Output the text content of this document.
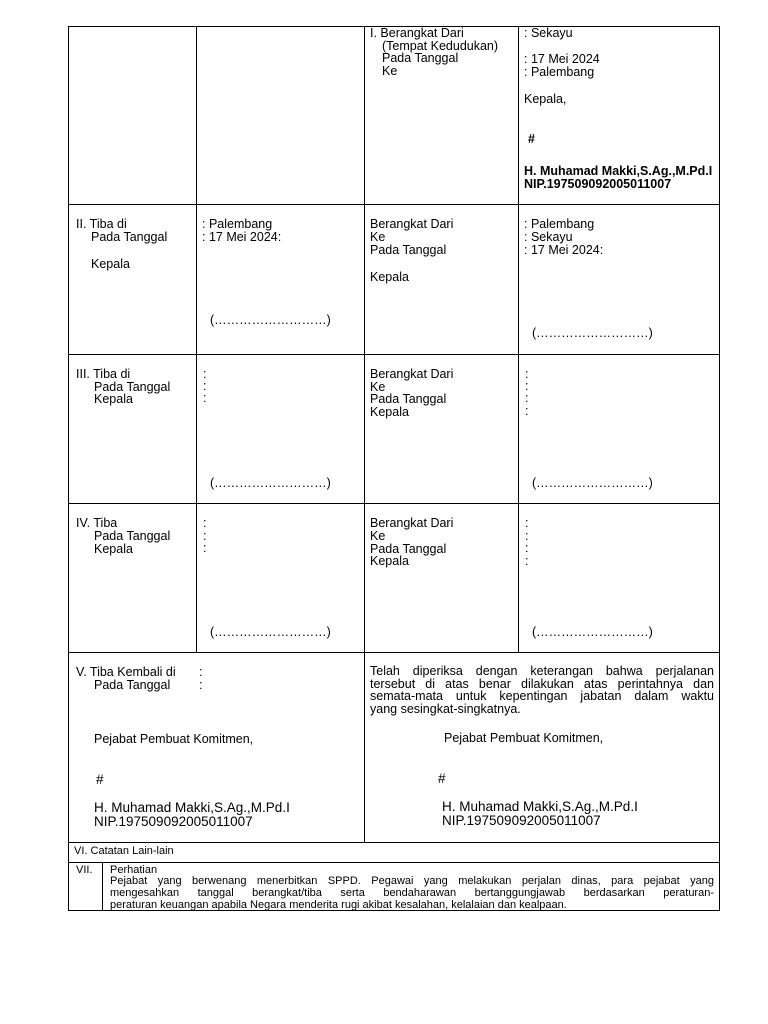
I. Berangkat Dari
(Tempat Kedudukan)
Pada Tanggal
Ke
: Sekayu
: 17 Mei 2024
: Palembang
Kepala,
#
H. Muhamad Makki,S.Ag.,M.Pd.I
NIP.197509092005011007
II. Tiba di
Pada Tanggal
Kepala
: Palembang
: 17 Mei 2024:
(………………………)
Berangkat Dari
Ke
Pada Tanggal
Kepala
: Palembang
: Sekayu
: 17 Mei 2024:
(………………………)
III. Tiba di
Pada Tanggal
Kepala
:
:
:
(………………………)
Berangkat Dari
Ke
Pada Tanggal
Kepala
:
:
:
:
(………………………)
IV. Tiba
Pada Tanggal
Kepala
:
:
:
(………………………)
Berangkat Dari
Ke
Pada Tanggal
Kepala
:
:
:
:
(………………………)
V. Tiba Kembali di
Pada Tanggal
:
:
Pejabat Pembuat Komitmen,
#
H. Muhamad Makki,S.Ag.,M.Pd.I
NIP.197509092005011007
Telah diperiksa dengan keterangan bahwa perjalanan
tersebut di atas benar dilakukan atas perintahnya dan
semata-mata untuk kepentingan jabatan dalam waktu
yang sesingkat-singkatnya.
Pejabat Pembuat Komitmen,
#
H. Muhamad Makki,S.Ag.,M.Pd.I
NIP.197509092005011007
VI. Catatan Lain-lain
VII. Perhatian
Pejabat yang berwenang menerbitkan SPPD. Pegawai yang melakukan perjalan dinas, para pejabat yang
mengesahkan tanggal berangkat/tiba serta bendaharawan bertanggungjawab berdasarkan peraturan-
peraturan keuangan apabila Negara menderita rugi akibat kesalahan, kelalaian dan kealpaan.
